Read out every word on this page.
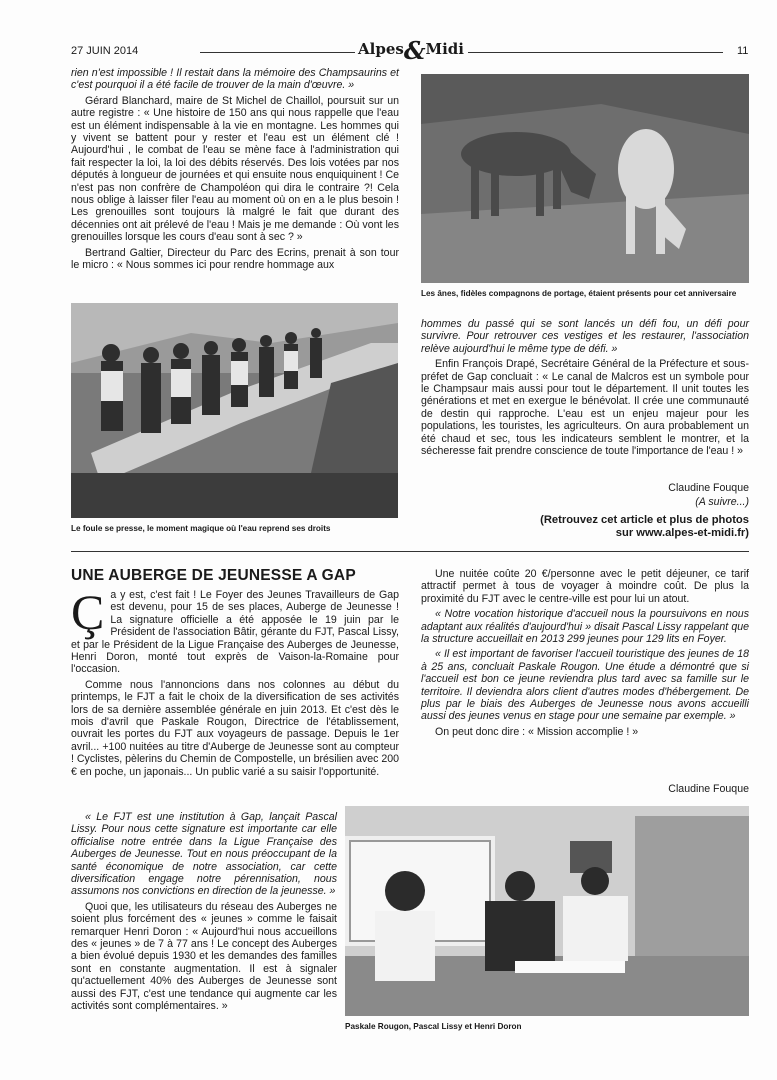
27 JUIN 2014	Alpes&Midi	11

rien n'est impossible ! Il restait dans la mémoire des Champsaurins et c'est pourquoi il a été facile de trouver de la main d'œuvre. »

Gérard Blanchard, maire de St Michel de Chaillol, poursuit sur un autre registre : « Une histoire de 150 ans qui nous rappelle que l'eau est un élément indispensable à la vie en montagne. Les hommes qui y vivent se battent pour y rester et l'eau est un élément clé ! Aujourd'hui , le combat de l'eau se mène face à l'administration qui fait respecter la loi, la loi des débits réservés. Des lois votées par nos députés à longueur de journées et qui ensuite nous enquiquinent ! Ce n'est pas non confrère de Champoléon qui dira le contraire ?! Cela nous oblige à laisser filer l'eau au moment où on en a le plus besoin ! Les grenouilles sont toujours là malgré le fait que durant des décennies ont ait prélevé de l'eau ! Mais je me demande : Où vont les grenouilles lorsque les cours d'eau sont à sec ? »

Bertrand Galtier, Directeur du Parc des Ecrins, prenait à son tour le micro : « Nous sommes ici pour rendre hommage aux

Le foule se presse, le moment magique où l'eau reprend ses droits
Les ânes, fidèles compagnons de portage, étaient présents pour cet anniversaire

hommes du passé qui se sont lancés un défi fou, un défi pour survivre. Pour retrouver ces vestiges et les restaurer, l'association relève aujourd'hui le même type de défi. »

Enfin François Drapé, Secrétaire Général de la Préfecture et sous-préfet de Gap concluait : « Le canal de Malcros est un symbole pour le Champsaur mais aussi pour tout le département. Il unit toutes les générations et met en exergue le bénévolat. Il crée une communauté de destin qui rapproche. L'eau est un enjeu majeur pour les populations, les touristes, les agriculteurs. On aura probablement un été chaud et sec, tous les indicateurs semblent le montrer, et la sécheresse fait prendre conscience de toute l'importance de l'eau ! »

Claudine Fouque
(A suivre...)
(Retrouvez cet article et plus de photos
sur www.alpes-et-midi.fr)
UNE AUBERGE DE JEUNESSE A GAP

Ça y est, c'est fait ! Le Foyer des Jeunes Travailleurs de Gap est devenu, pour 15 de ses places, Auberge de Jeunesse ! La signature officielle a été apposée le 19 juin par le Président de l'association Bâtir, gérante du FJT, Pascal Lissy, et par le Président de la Ligue Française des Auberges de Jeunesse, Henri Doron, monté tout exprès de Vaison-la-Romaine pour l'occasion.

Comme nous l'annoncions dans nos colonnes au début du printemps, le FJT a fait le choix de la diversification de ses activités lors de sa dernière assemblée générale en juin 2013. Et c'est dès le mois d'avril que Paskale Rougon, Directrice de l'établissement, ouvrait les portes du FJT aux voyageurs de passage. Depuis le 1er avril... +100 nuitées au titre d'Auberge de Jeunesse sont au compteur ! Cyclistes, pèlerins du Chemin de Compostelle, un brésilien avec 200 € en poche, un japonais... Un public varié a su saisir l'opportunité.

« Le FJT est une institution à Gap, lançait Pascal Lissy. Pour nous cette signature est importante car elle officialise notre entrée dans la Ligue Française des Auberges de Jeunesse. Tout en nous préoccupant de la santé économique de notre association, car cette diversification engage notre pérennisation, nous assumons nos convictions en direction de la jeunesse. »

Quoi que, les utilisateurs du réseau des Auberges ne soient plus forcément des « jeunes » comme le faisait remarquer Henri Doron : « Aujourd'hui nous accueillons des « jeunes » de 7 à 77 ans ! Le concept des Auberges a bien évolué depuis 1930 et les demandes des familles sont en constante augmentation. Il est à signaler qu'actuellement 40% des Auberges de Jeunesse sont aussi des FJT, c'est une tendance qui augmente car les activités sont complémentaires. »

Une nuitée coûte 20 €/personne avec le petit déjeuner, ce tarif attractif permet à tous de voyager à moindre coût. De plus la proximité du FJT avec le centre-ville est pour lui un atout.

« Notre vocation historique d'accueil nous la poursuivons en nous adaptant aux réalités d'aujourd'hui » disait Pascal Lissy rappelant que la structure accueillait en 2013 299 jeunes pour 129 lits en Foyer.

« Il est important de favoriser l'accueil touristique des jeunes de 18 à 25 ans, concluait Paskale Rougon. Une étude a démontré que si l'accueil est bon ce jeune reviendra plus tard avec sa famille sur le territoire. Il deviendra alors client d'autres modes d'hébergement. De plus par le biais des Auberges de Jeunesse nous avons accueilli aussi des jeunes venus en stage pour une semaine par exemple. »

On peut donc dire : « Mission accomplie ! »

Claudine Fouque
Paskale Rougon, Pascal Lissy et Henri Doron
